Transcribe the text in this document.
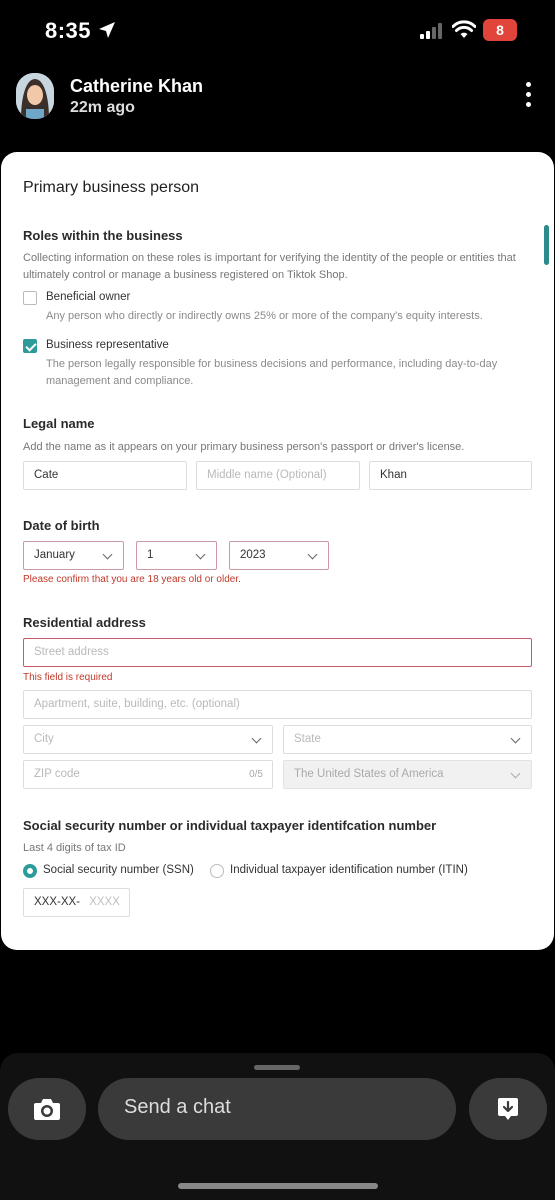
8:35	8
Catherine Khan
22m ago
Primary business person
Roles within the business
Collecting information on these roles is important for verifying the identity of the people or entities that ultimately control or manage a business registered on Tiktok Shop.
Beneficial owner
Any person who directly or indirectly owns 25% or more of the company's equity interests.
Business representative
The person legally responsible for business decisions and performance, including day-to-day management and compliance.
Legal name
Add the name as it appears on your primary business person's passport or driver's license.
Cate	Middle name (Optional)	Khan
Date of birth
January	1	2023
Please confirm that you are 18 years old or older.
Residential address
Street address
This field is required
Apartment, suite, building, etc. (optional)
City	State
ZIP code	0/5	The United States of America
Social security number or individual taxpayer identifcation number
Last 4 digits of tax ID
Social security number (SSN)	Individual taxpayer identification number (ITIN)
XXX-XX- XXXX
Send a chat
